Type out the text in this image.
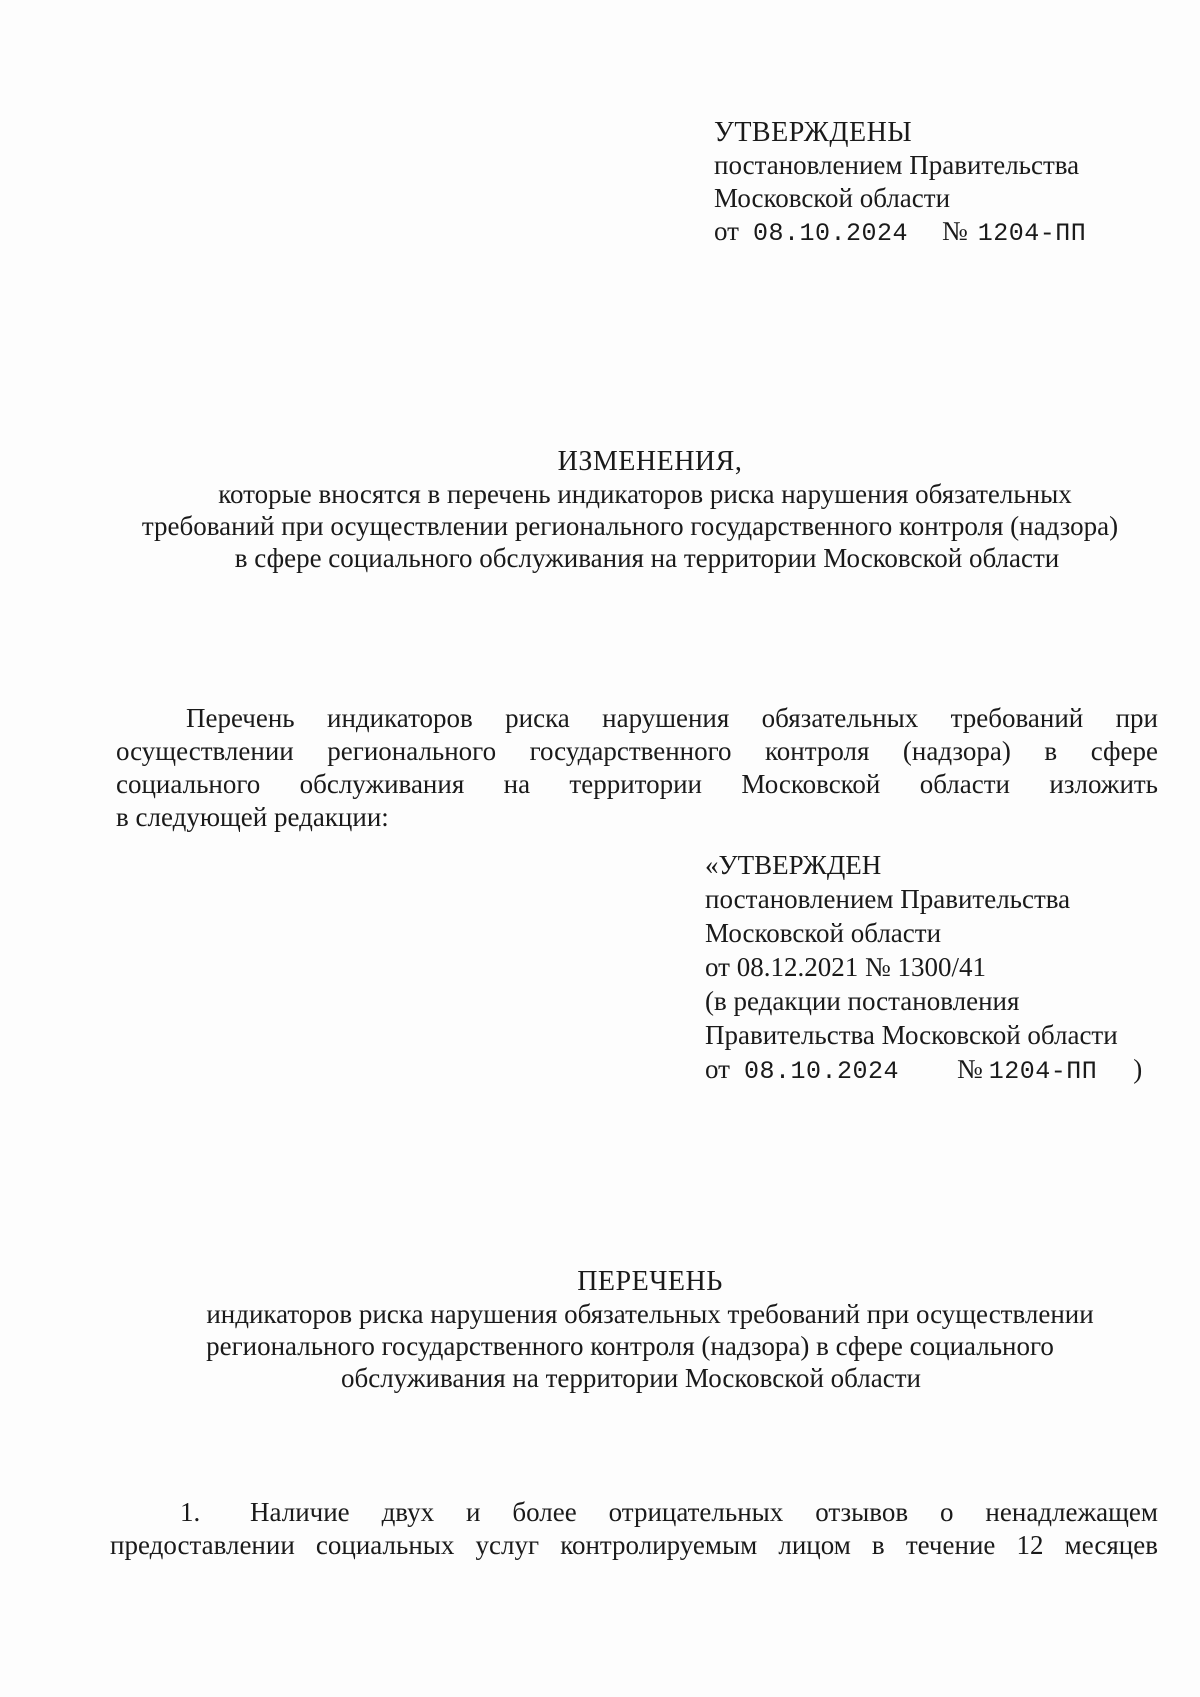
УТВЕРЖДЕНЫ
постановлением Правительства
Московской области
от 08.10.2024 № 1204-ПП
ИЗМЕНЕНИЯ,
которые вносятся в перечень индикаторов риска нарушения обязательных
требований при осуществлении регионального государственного контроля (надзора)
в сфере социального обслуживания на территории Московской области
Перечень индикаторов риска нарушения обязательных требований при
осуществлении регионального государственного контроля (надзора) в сфере
социального обслуживания на территории Московской области изложить
в следующей редакции:
«УТВЕРЖДЕН
постановлением Правительства
Московской области
от 08.12.2021 № 1300/41
(в редакции постановления
Правительства Московской области
от 08.10.2024 № 1204-ПП )
ПЕРЕЧЕНЬ
индикаторов риска нарушения обязательных требований при осуществлении
регионального государственного контроля (надзора) в сфере социального
обслуживания на территории Московской области
1.	Наличие двух и более отрицательных отзывов о ненадлежащем
предоставлении социальных услуг контролируемым лицом в течение 12 месяцев
